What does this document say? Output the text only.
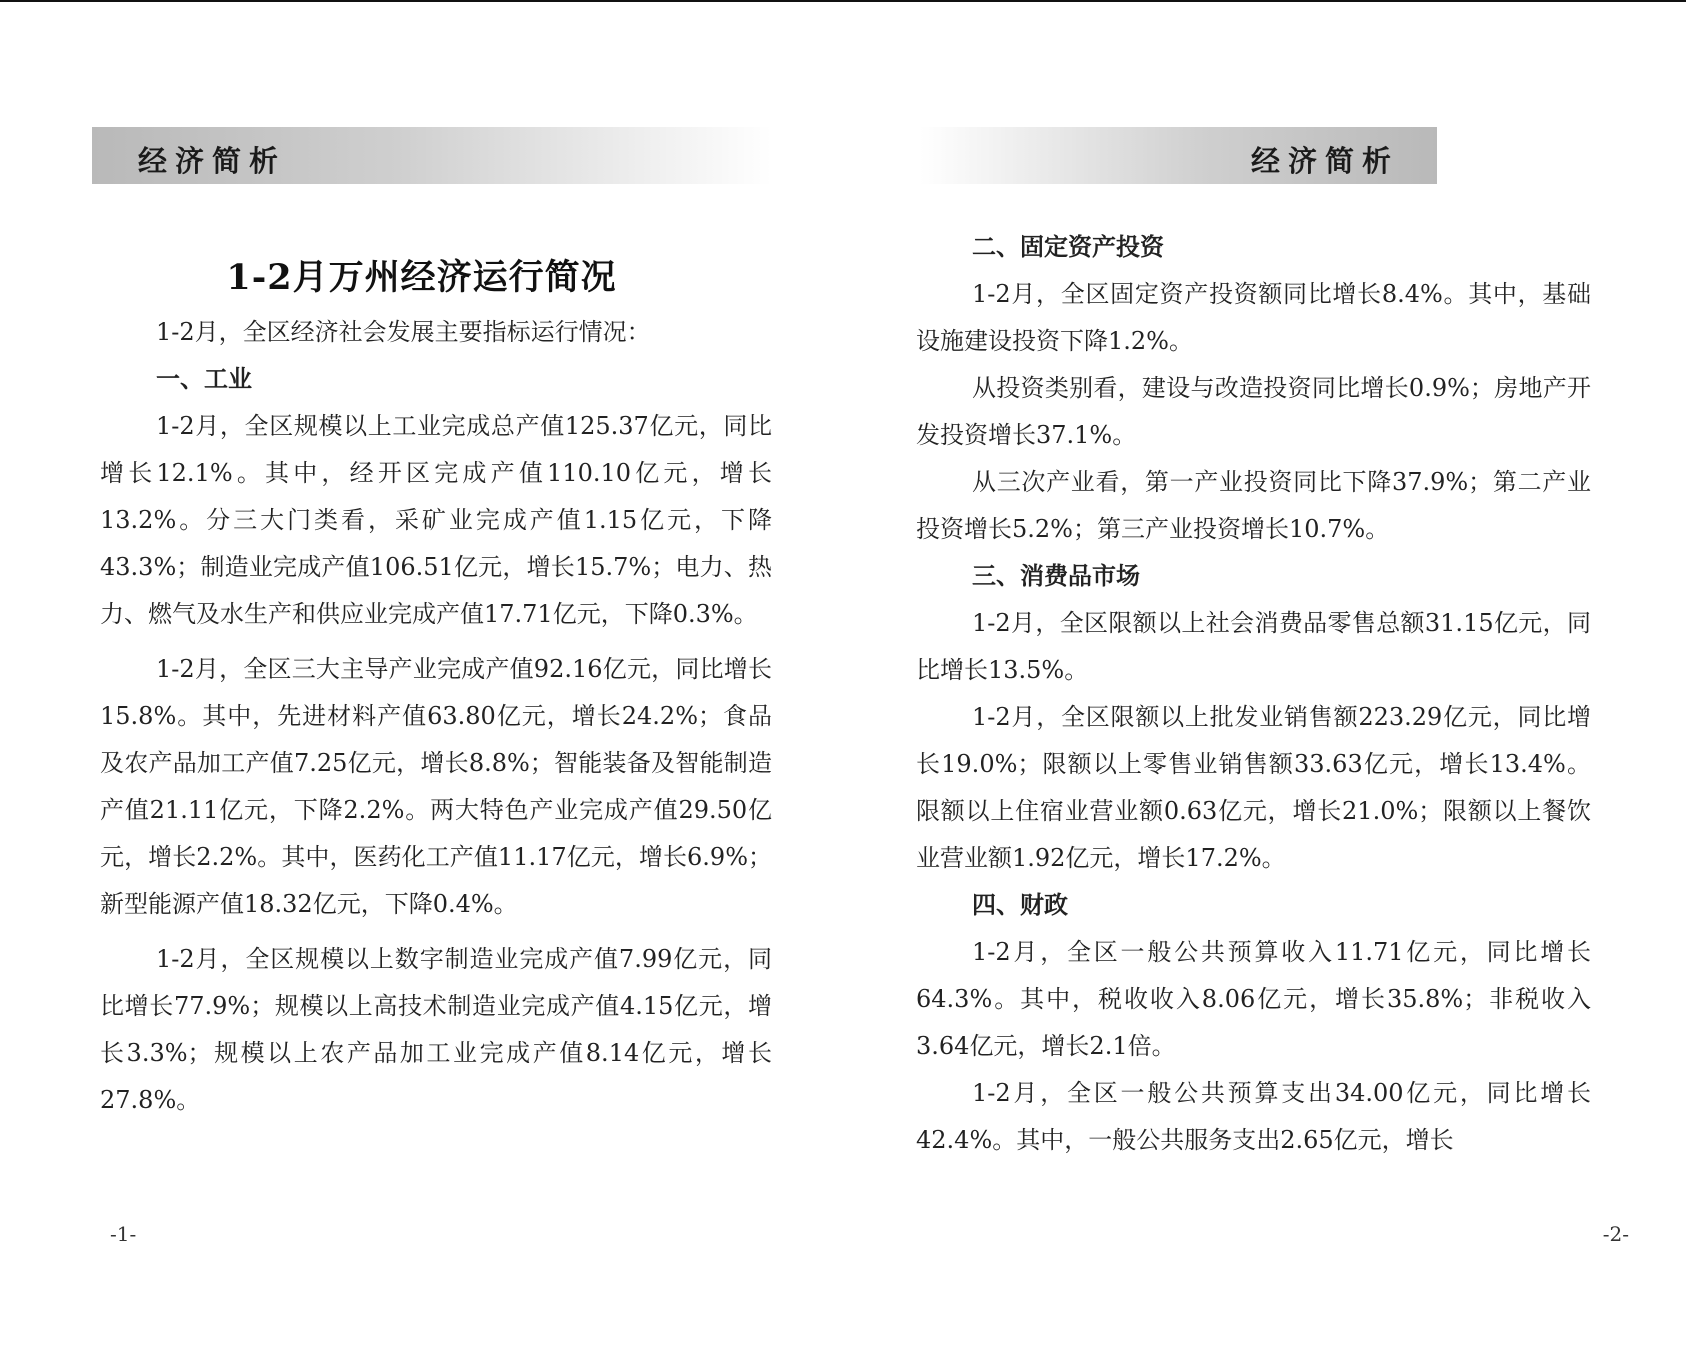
经济简析
1-2月万州经济运行简况

1-2月，全区经济社会发展主要指标运行情况：

一、工业

1-2月，全区规模以上工业完成总产值125.37亿元，同比增长12.1%。其中，经开区完成产值110.10亿元，增长13.2%。分三大门类看，采矿业完成产值1.15亿元，下降43.3%；制造业完成产值106.51亿元，增长15.7%；电力、热力、燃气及水生产和供应业完成产值17.71亿元，下降0.3%。

1-2月，全区三大主导产业完成产值92.16亿元，同比增长15.8%。其中，先进材料产值63.80亿元，增长24.2%；食品及农产品加工产值7.25亿元，增长8.8%；智能装备及智能制造产值21.11亿元，下降2.2%。两大特色产业完成产值29.50亿元，增长2.2%。其中，医药化工产值11.17亿元，增长6.9%；新型能源产值18.32亿元，下降0.4%。

1-2月，全区规模以上数字制造业完成产值7.99亿元，同比增长77.9%；规模以上高技术制造业完成产值4.15亿元，增长3.3%；规模以上农产品加工业完成产值8.14亿元，增长27.8%。

-1-
经济简析

二、固定资产投资

1-2月，全区固定资产投资额同比增长8.4%。其中，基础设施建设投资下降1.2%。

从投资类别看，建设与改造投资同比增长0.9%；房地产开发投资增长37.1%。

从三次产业看，第一产业投资同比下降37.9%；第二产业投资增长5.2%；第三产业投资增长10.7%。

三、消费品市场

1-2月，全区限额以上社会消费品零售总额31.15亿元，同比增长13.5%。

1-2月，全区限额以上批发业销售额223.29亿元，同比增长19.0%；限额以上零售业销售额33.63亿元，增长13.4%。限额以上住宿业营业额0.63亿元，增长21.0%；限额以上餐饮业营业额1.92亿元，增长17.2%。

四、财政

1-2月，全区一般公共预算收入11.71亿元，同比增长64.3%。其中，税收收入8.06亿元，增长35.8%；非税收入3.64亿元，增长2.1倍。

1-2月，全区一般公共预算支出34.00亿元，同比增长42.4%。其中，一般公共服务支出2.65亿元，增长

-2-
